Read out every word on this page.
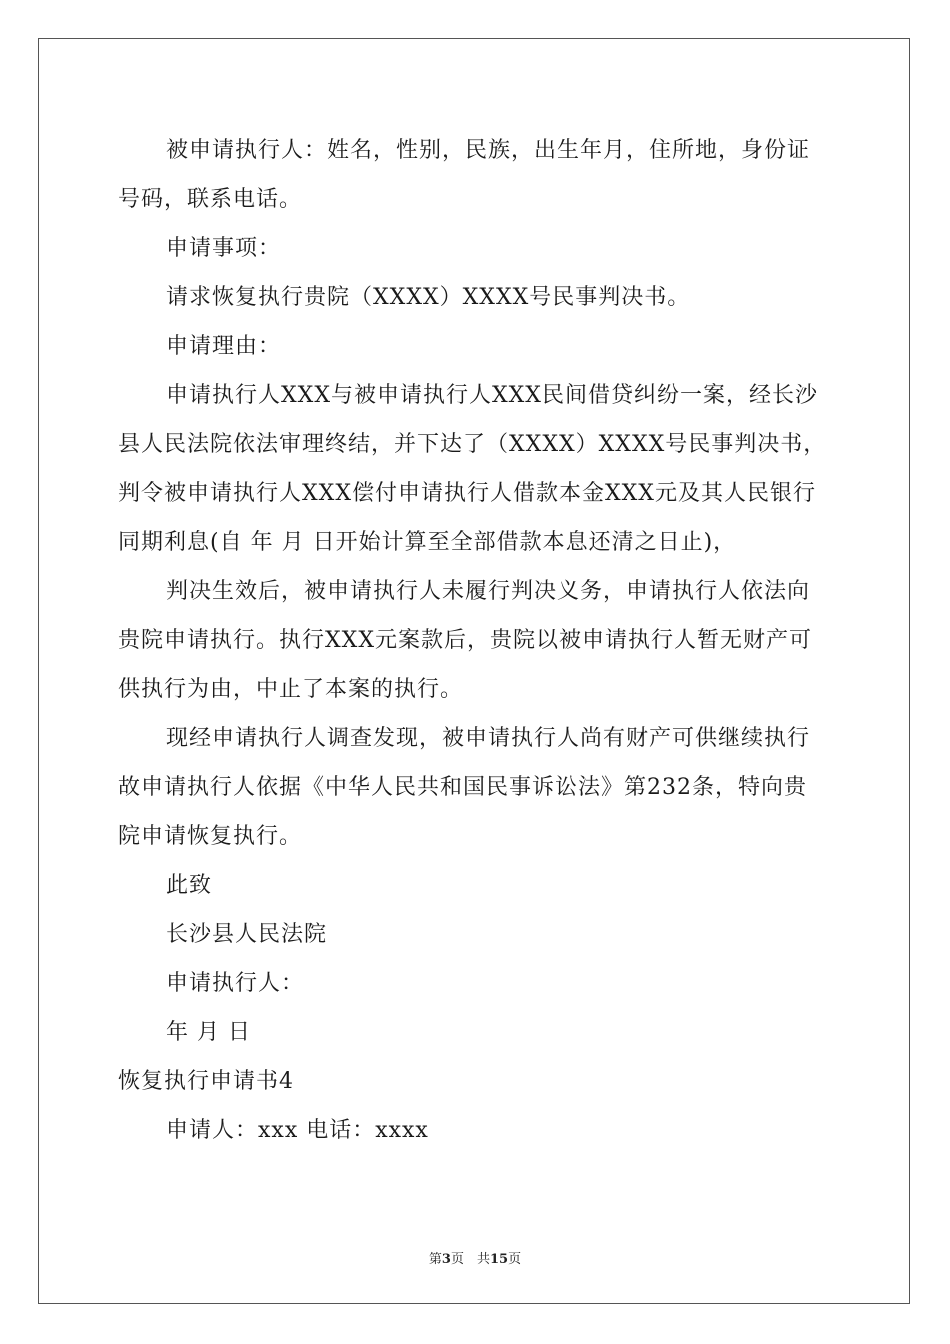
被申请执行人：姓名，性别，民族，出生年月，住所地，身份证
号码，联系电话。
申请事项：
请求恢复执行贵院（XXXX）XXXX号民事判决书。
申请理由：
申请执行人XXX与被申请执行人XXX民间借贷纠纷一案，经长沙
县人民法院依法审理终结，并下达了（XXXX）XXXX号民事判决书，
判令被申请执行人XXX偿付申请执行人借款本金XXX元及其人民银行
同期利息(自 年 月 日开始计算至全部借款本息还清之日止)，
判决生效后，被申请执行人未履行判决义务，申请执行人依法向
贵院申请执行。执行XXX元案款后，贵院以被申请执行人暂无财产可
供执行为由，中止了本案的执行。
现经申请执行人调查发现，被申请执行人尚有财产可供继续执行
故申请执行人依据《中华人民共和国民事诉讼法》第232条，特向贵
院申请恢复执行。
此致
长沙县人民法院
申请执行人：
年 月 日
恢复执行申请书4
申请人：xxx 电话：xxxx
第3页　共15页
